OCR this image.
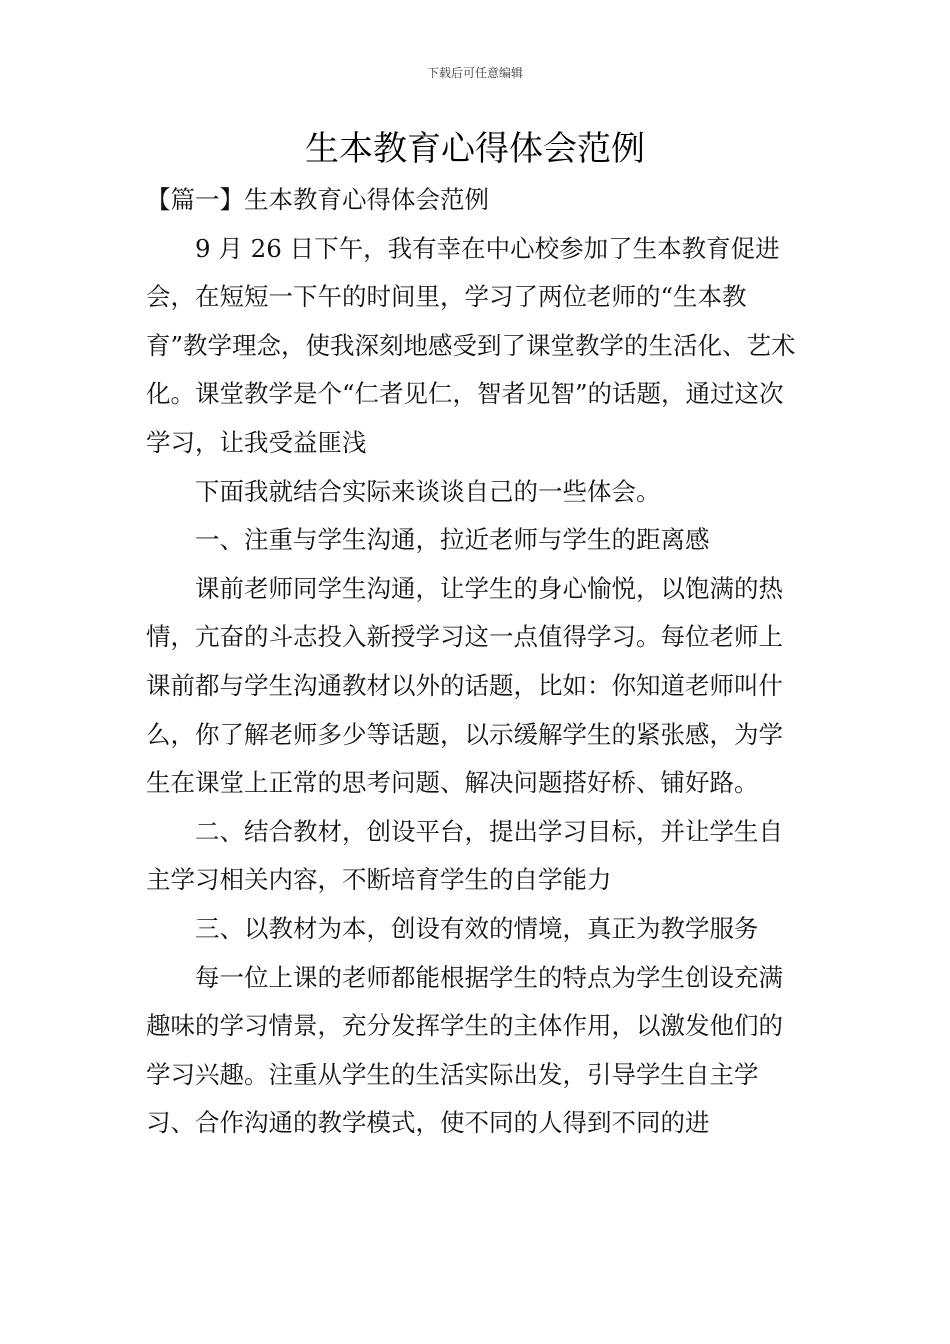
下载后可任意编辑
生本教育心得体会范例

【篇一】生本教育心得体会范例

9 月 26 日下午，我有幸在中心校参加了生本教育促进会，在短短一下午的时间里，学习了两位老师的“生本教育”教学理念，使我深刻地感受到了课堂教学的生活化、艺术化。课堂教学是个“仁者见仁，智者见智”的话题，通过这次学习，让我受益匪浅

下面我就结合实际来谈谈自己的一些体会。

一、注重与学生沟通，拉近老师与学生的距离感

课前老师同学生沟通，让学生的身心愉悦，以饱满的热情，亢奋的斗志投入新授学习这一点值得学习。每位老师上课前都与学生沟通教材以外的话题，比如：你知道老师叫什么，你了解老师多少等话题，以示缓解学生的紧张感，为学生在课堂上正常的思考问题、解决问题搭好桥、铺好路。

二、结合教材，创设平台，提出学习目标，并让学生自主学习相关内容，不断培育学生的自学能力

三、以教材为本，创设有效的情境，真正为教学服务

每一位上课的老师都能根据学生的特点为学生创设充满趣味的学习情景，充分发挥学生的主体作用，以激发他们的学习兴趣。注重从学生的生活实际出发，引导学生自主学习、合作沟通的教学模式，使不同的人得到不同的进
